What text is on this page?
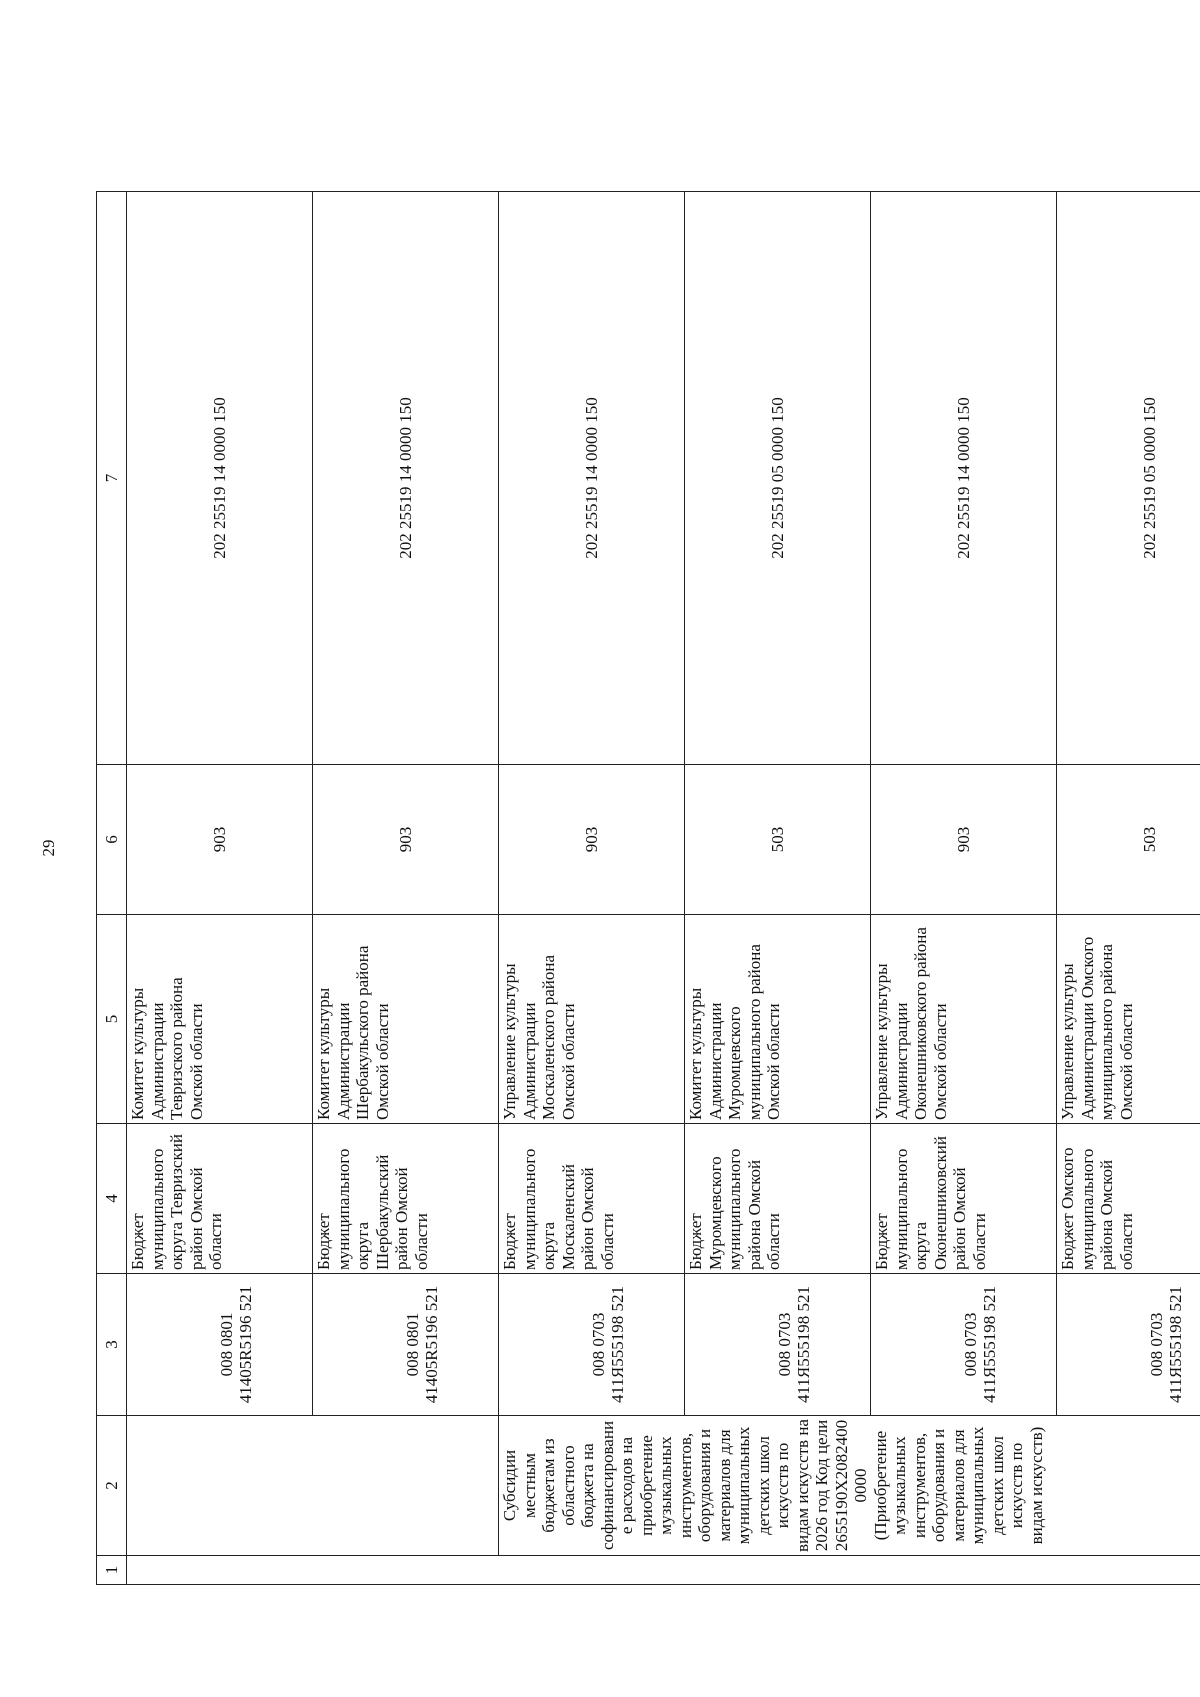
29
1	2	3	4	5	6	7
		008 0801 41405R5196 521	Бюджет муниципального округа Тевризский район Омской области	Комитет культуры Администрации Тевризского района Омской области	903	202 25519 14 0000 150
		008 0801 41405R5196 521	Бюджет муниципального округа Шербакульский район Омской области	Комитет культуры Администрации Шербакульского района Омской области	903	202 25519 14 0000 150
	Субсидии местным бюджетам из областного бюджета на софинансирование расходов на приобретение музыкальных инструментов, оборудования и материалов для муниципальных детских школ искусств по видам искусств на 2026 год Код цели 2655190X20824000000 (Приобретение музыкальных инструментов, оборудования и материалов для муниципальных детских школ искусств по видам искусств)	008 0703 411Я555198 521	Бюджет муниципального округа Москаленский район Омской области	Управление культуры Администрации Москаленского района Омской области	903	202 25519 14 0000 150
		008 0703 411Я555198 521	Бюджет Муромцевского муниципального района Омской области	Комитет культуры Администрации Муромцевского муниципального района Омской области	503	202 25519 05 0000 150
		008 0703 411Я555198 521	Бюджет муниципального округа Оконешниковский район Омской области	Управление культуры Администрации Оконешниковского района Омской области	903	202 25519 14 0000 150
		008 0703 411Я555198 521	Бюджет Омского муниципального района Омской области	Управление культуры Администрации Омского муниципального района Омской области	503	202 25519 05 0000 150
